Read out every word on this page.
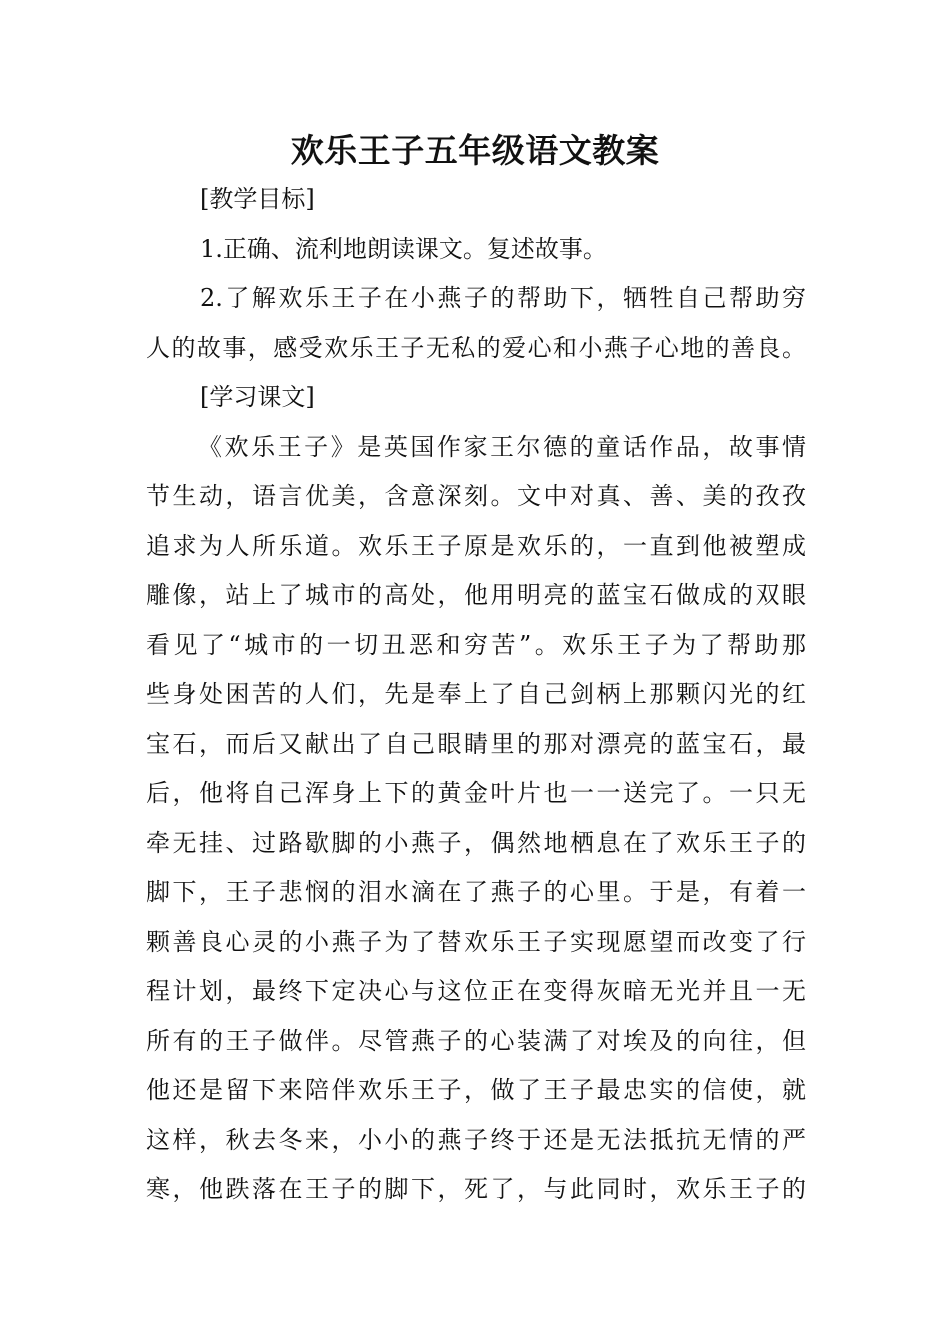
欢乐王子五年级语文教案
[教学目标]
1.正确、流利地朗读课文。复述故事。
2.了解欢乐王子在小燕子的帮助下，牺牲自己帮助穷
人的故事，感受欢乐王子无私的爱心和小燕子心地的善良。
[学习课文]
《欢乐王子》是英国作家王尔德的童话作品，故事情
节生动，语言优美，含意深刻。文中对真、善、美的孜孜
追求为人所乐道。欢乐王子原是欢乐的，一直到他被塑成
雕像，站上了城市的高处，他用明亮的蓝宝石做成的双眼
看见了“城市的一切丑恶和穷苦”。欢乐王子为了帮助那
些身处困苦的人们，先是奉上了自己剑柄上那颗闪光的红
宝石，而后又献出了自己眼睛里的那对漂亮的蓝宝石，最
后，他将自己浑身上下的黄金叶片也一一送完了。一只无
牵无挂、过路歇脚的小燕子，偶然地栖息在了欢乐王子的
脚下，王子悲悯的泪水滴在了燕子的心里。于是，有着一
颗善良心灵的小燕子为了替欢乐王子实现愿望而改变了行
程计划，最终下定决心与这位正在变得灰暗无光并且一无
所有的王子做伴。尽管燕子的心装满了对埃及的向往，但
他还是留下来陪伴欢乐王子，做了王子最忠实的信使，就
这样，秋去冬来，小小的燕子终于还是无法抵抗无情的严
寒，他跌落在王子的脚下，死了，与此同时，欢乐王子的
